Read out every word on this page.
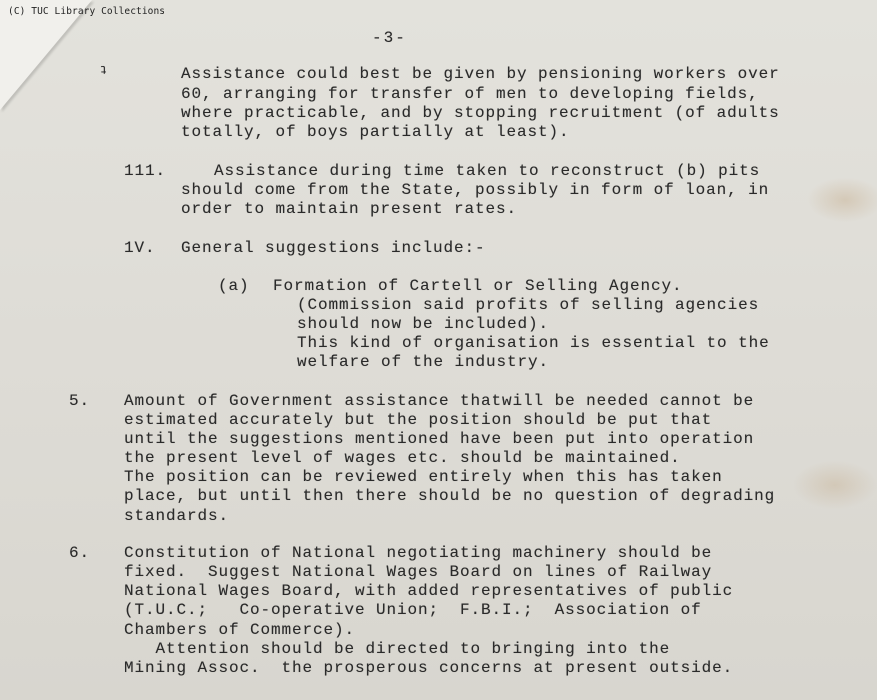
(C) TUC Library Collections
-3-
ʇ	Assistance could best be given by pensioning workers over
60, arranging for transfer of men to developing fields,
where practicable, and by stopping recruitment (of adults
totally, of boys partially at least).
111.	Assistance during time taken to reconstruct (b) pits
should come from the State, possibly in form of loan, in
order to maintain present rates.
1V. General suggestions include:-
(a) Formation of Cartell or Selling Agency.
(Commission said profits of selling agencies
should now be included).
This kind of organisation is essential to the
welfare of the industry.
5. Amount of Government assistance thatwill be needed cannot be
estimated accurately but the position should be put that
until the suggestions mentioned have been put into operation
the present level of wages etc. should be maintained.
The position can be reviewed entirely when this has taken
place, but until then there should be no question of degrading
standards.
6. Constitution of National negotiating machinery should be
fixed.  Suggest National Wages Board on lines of Railway
National Wages Board, with added representatives of public
(T.U.C.;   Co-operative Union;  F.B.I.;  Association of
Chambers of Commerce).
Attention should be directed to bringing into the
Mining Assoc.  the prosperous concerns at present outside.
